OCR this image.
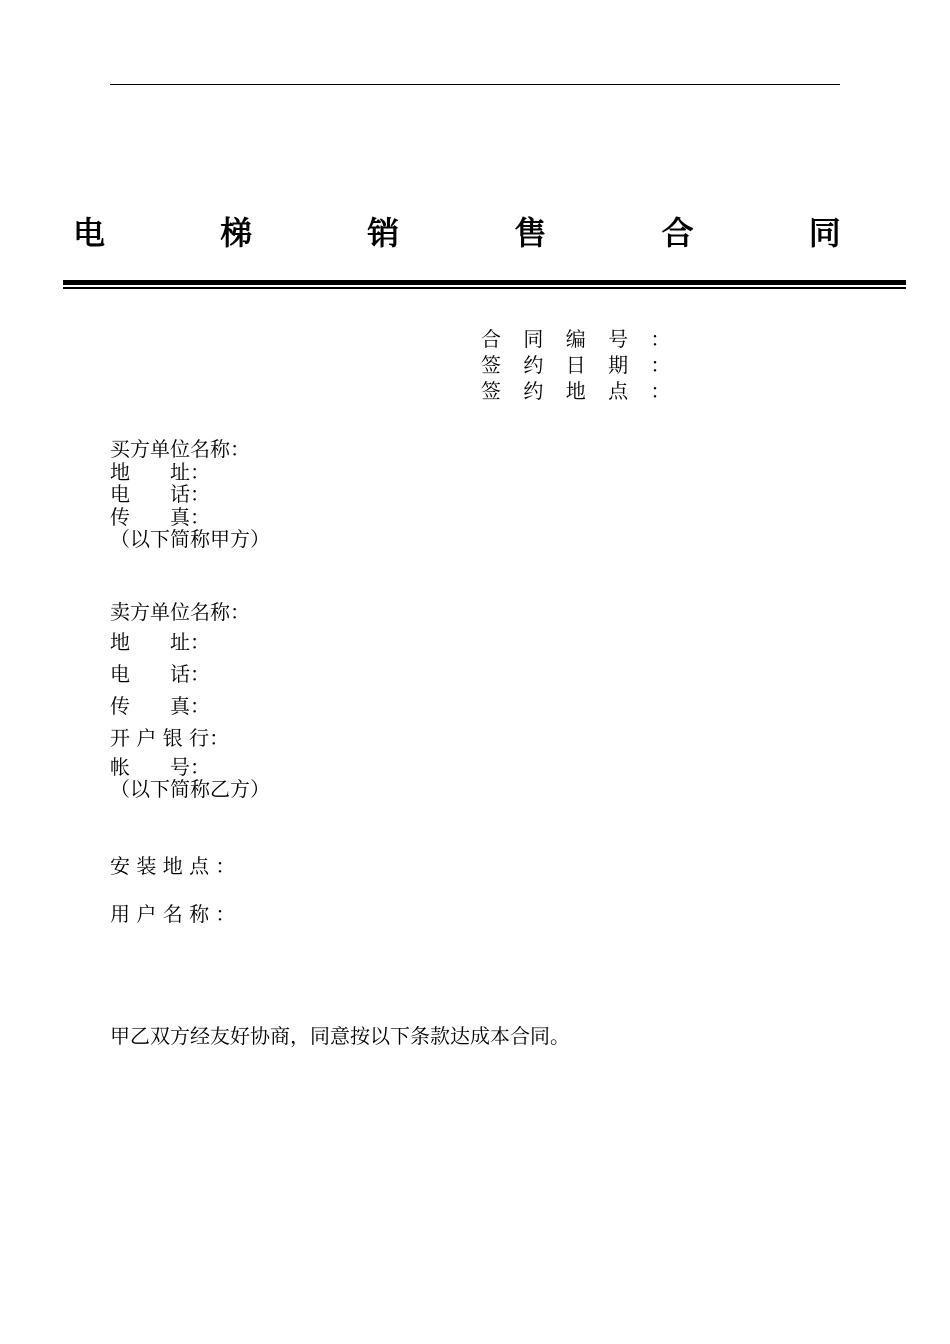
电 梯 销 售 合 同
合 同 编 号 ：
签 约 日 期 ：
签 约 地 点 ：
买方单位名称：
地　　址：
电　　话：
传　　真：
（以下简称甲方）
卖方单位名称：
地　　址：
电　　话：
传　　真：
开 户 银 行：
帐　　号：
（以下简称乙方）
安 装 地 点 ：
用 户 名 称 ：
甲乙双方经友好协商，同意按以下条款达成本合同。
